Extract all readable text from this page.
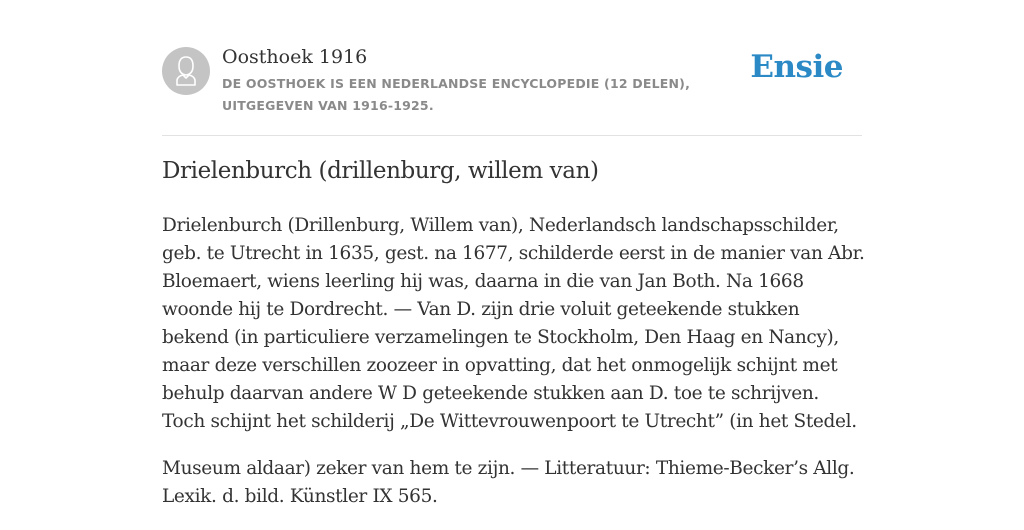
Oosthoek 1916
DE OOSTHOEK IS EEN NEDERLANDSE ENCYCLOPEDIE (12 DELEN), UITGEGEVEN VAN 1916-1925.
Ensie
Drielenburch (drillenburg, willem van)

Drielenburch (Drillenburg, Willem van), Nederlandsch landschapsschilder, geb. te Utrecht in 1635, gest. na 1677, schilderde eerst in de manier van Abr. Bloemaert, wiens leerling hij was, daarna in die van Jan Both. Na 1668 woonde hij te Dordrecht. — Van D. zijn drie voluit geteekende stukken bekend (in particuliere verzamelingen te Stockholm, Den Haag en Nancy), maar deze verschillen zoozeer in opvatting, dat het onmogelijk schijnt met behulp daarvan andere W D geteekende stukken aan D. toe te schrijven. Toch schijnt het schilderij „De Wittevrouwenpoort te Utrecht” (in het Stedel.

Museum aldaar) zeker van hem te zijn. — Litteratuur: Thieme-Becker’s Allg. Lexik. d. bild. Künstler IX 565.
